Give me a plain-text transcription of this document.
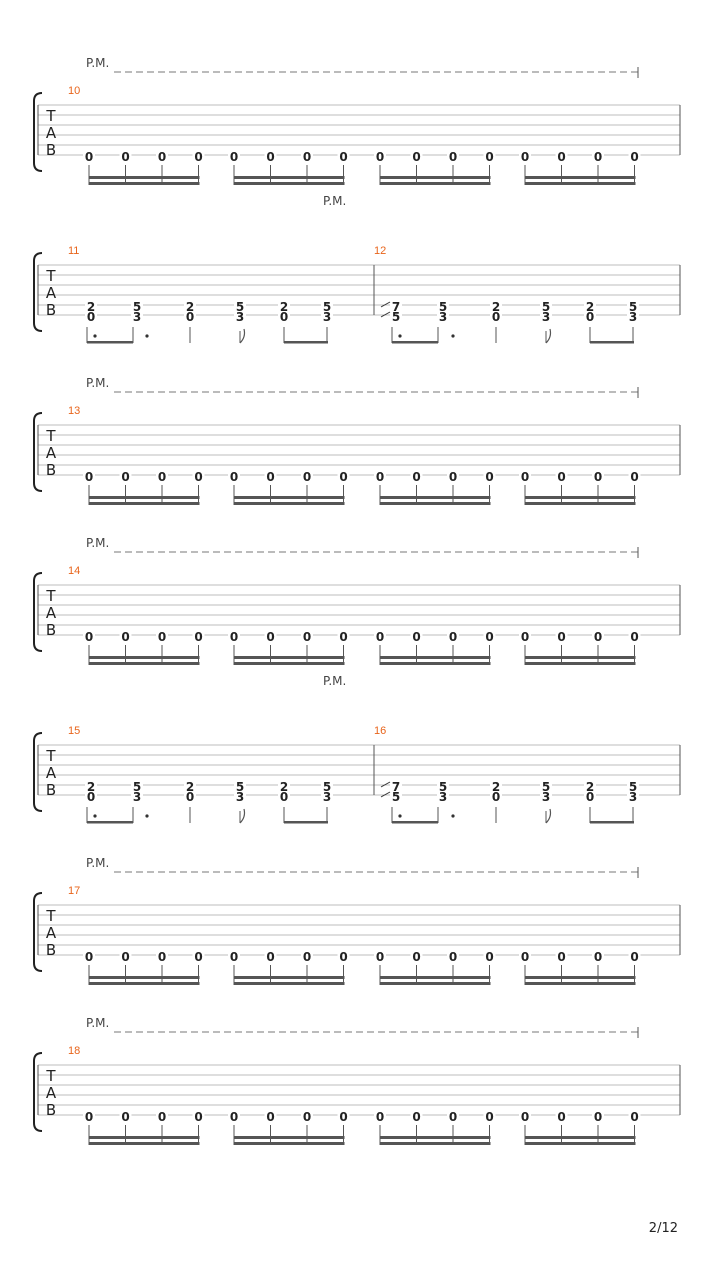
T
A
B
10
P.M.
0 0 0 0 0 0 0 0 0 0 0 0 0 0 0 0
T
A
B
11
P.M.
12
2
0
5
3
2
0
5
3
2
0
5
3
7
5
5
3
2
0
5
3
2
0
5
3
T
A
B
13
P.M.
0 0 0 0 0 0 0 0 0 0 0 0 0 0 0 0
T
A
B
14
P.M.
0 0 0 0 0 0 0 0 0 0 0 0 0 0 0 0
T
A
B
15
P.M.
16
2
0
5
3
2
0
5
3
2
0
5
3
7
5
5
3
2
0
5
3
2
0
5
3
T
A
B
17
P.M.
0 0 0 0 0 0 0 0 0 0 0 0 0 0 0 0
T
A
B
18
P.M.
0 0 0 0 0 0 0 0 0 0 0 0 0 0 0 0
2/12
